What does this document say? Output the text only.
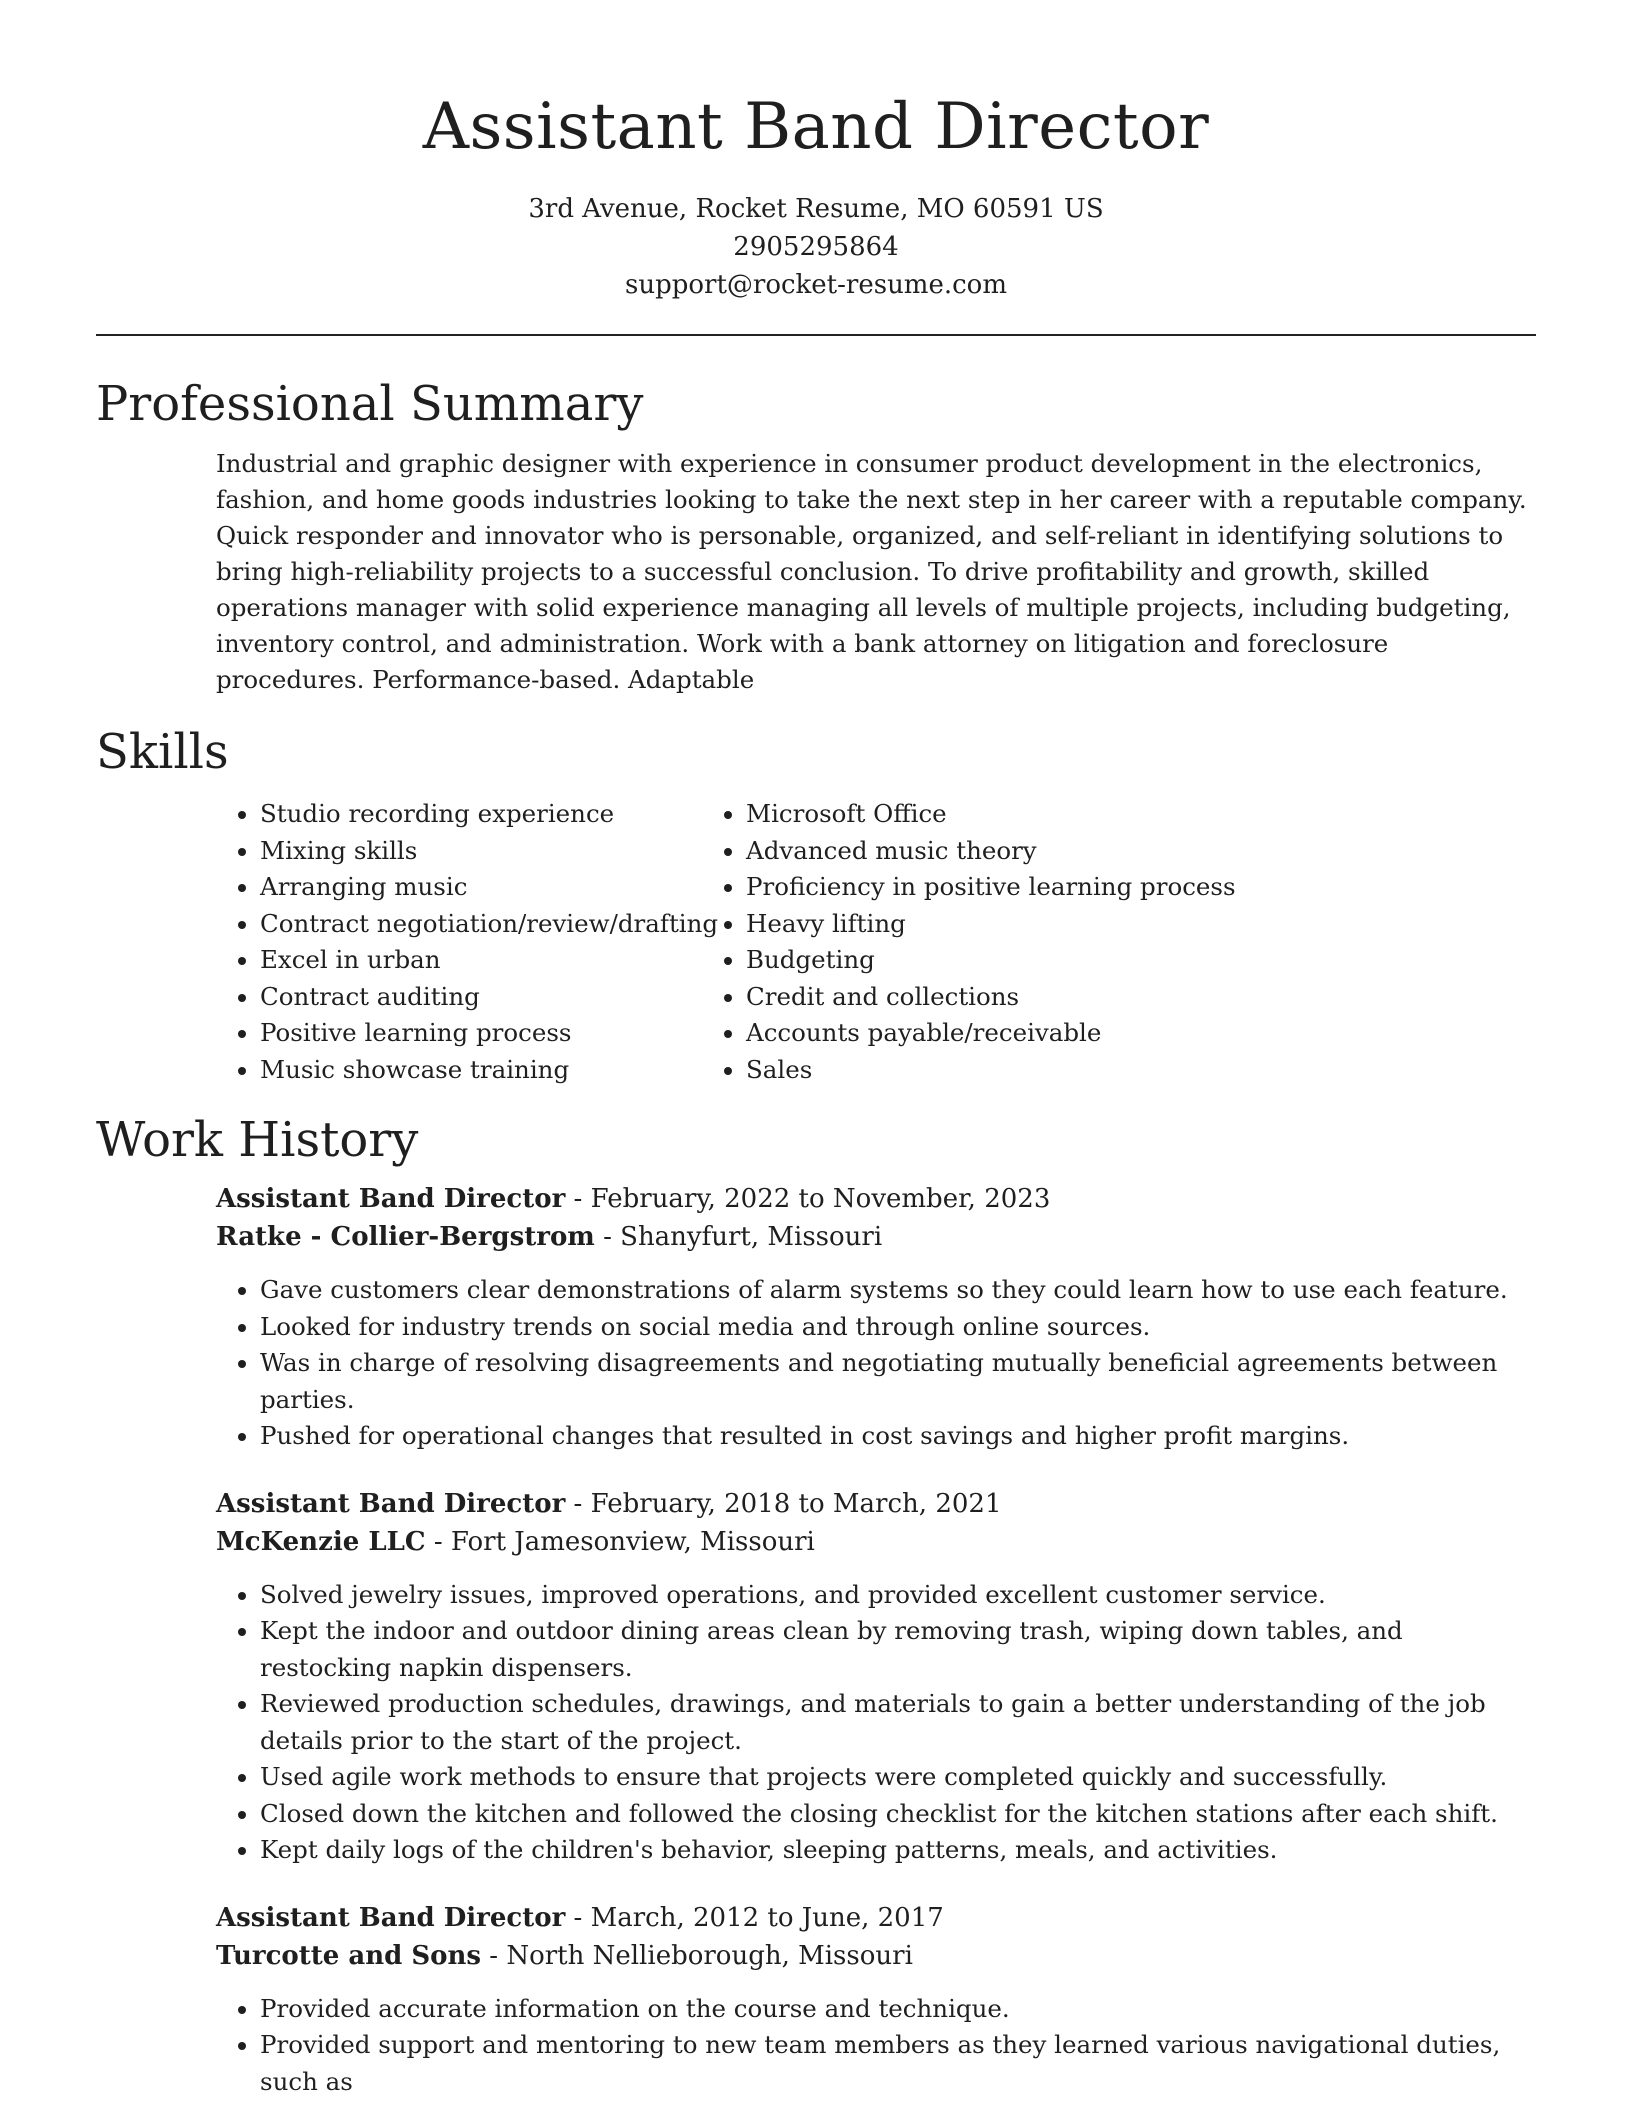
Assistant Band Director
3rd Avenue, Rocket Resume, MO 60591 US
2905295864
support@rocket-resume.com
Professional Summary
Industrial and graphic designer with experience in consumer product development in the electronics, fashion, and home goods industries looking to take the next step in her career with a reputable company. Quick responder and innovator who is personable, organized, and self-reliant in identifying solutions to bring high-reliability projects to a successful conclusion. To drive profitability and growth, skilled operations manager with solid experience managing all levels of multiple projects, including budgeting, inventory control, and administration. Work with a bank attorney on litigation and foreclosure procedures. Performance-based. Adaptable
Skills
• Studio recording experience
• Mixing skills
• Arranging music
• Contract negotiation/review/drafting
• Excel in urban
• Contract auditing
• Positive learning process
• Music showcase training
• Microsoft Office
• Advanced music theory
• Proficiency in positive learning process
• Heavy lifting
• Budgeting
• Credit and collections
• Accounts payable/receivable
• Sales
Work History
Assistant Band Director - February, 2022 to November, 2023
Ratke - Collier-Bergstrom - Shanyfurt, Missouri
• Gave customers clear demonstrations of alarm systems so they could learn how to use each feature.
• Looked for industry trends on social media and through online sources.
• Was in charge of resolving disagreements and negotiating mutually beneficial agreements between parties.
• Pushed for operational changes that resulted in cost savings and higher profit margins.
Assistant Band Director - February, 2018 to March, 2021
McKenzie LLC - Fort Jamesonview, Missouri
• Solved jewelry issues, improved operations, and provided excellent customer service.
• Kept the indoor and outdoor dining areas clean by removing trash, wiping down tables, and restocking napkin dispensers.
• Reviewed production schedules, drawings, and materials to gain a better understanding of the job details prior to the start of the project.
• Used agile work methods to ensure that projects were completed quickly and successfully.
• Closed down the kitchen and followed the closing checklist for the kitchen stations after each shift.
• Kept daily logs of the children's behavior, sleeping patterns, meals, and activities.
Assistant Band Director - March, 2012 to June, 2017
Turcotte and Sons - North Nellieborough, Missouri
• Provided accurate information on the course and technique.
• Provided support and mentoring to new team members as they learned various navigational duties, such as
